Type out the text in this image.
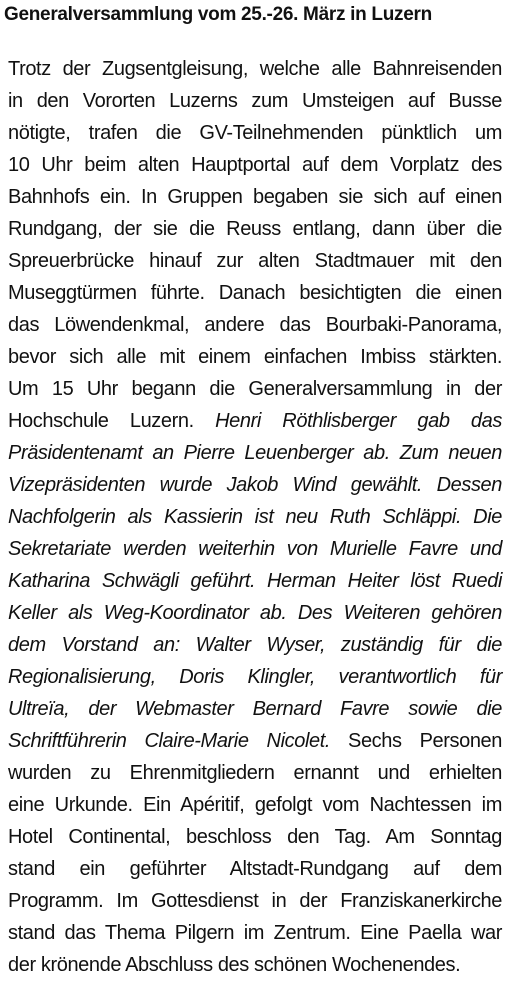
Generalversammlung vom 25.-26. März in Luzern
Trotz der Zugsentgleisung, welche alle Bahnreisenden
in den Vororten Luzerns zum Umsteigen auf Busse
nötigte, trafen die GV-Teilnehmenden pünktlich um
10 Uhr beim alten Hauptportal auf dem Vorplatz des
Bahnhofs ein. In Gruppen begaben sie sich auf einen
Rundgang, der sie die Reuss entlang, dann über die
Spreuerbrücke hinauf zur alten Stadtmauer mit den
Museggtürmen führte. Danach besichtigten die einen
das Löwendenkmal, andere das Bourbaki-Panorama,
bevor sich alle mit einem einfachen Imbiss stärkten.
Um 15 Uhr begann die Generalversammlung in der
Hochschule Luzern. Henri Röthlisberger gab das
Präsidentenamt an Pierre Leuenberger ab. Zum neuen
Vizepräsidenten wurde Jakob Wind gewählt. Dessen
Nachfolgerin als Kassierin ist neu Ruth Schläppi. Die
Sekretariate werden weiterhin von Murielle Favre und
Katharina Schwägli geführt. Herman Heiter löst Ruedi
Keller als Weg-Koordinator ab. Des Weiteren gehören
dem Vorstand an: Walter Wyser, zuständig für die
Regionalisierung, Doris Klingler, verantwortlich für
Ultreïa, der Webmaster Bernard Favre sowie die
Schriftführerin Claire-Marie Nicolet. Sechs Personen
wurden zu Ehrenmitgliedern ernannt und erhielten
eine Urkunde. Ein Apéritif, gefolgt vom Nachtessen im
Hotel Continental, beschloss den Tag. Am Sonntag
stand ein geführter Altstadt-Rundgang auf dem
Programm. Im Gottesdienst in der Franziskanerkirche
stand das Thema Pilgern im Zentrum. Eine Paella war
der krönende Abschluss des schönen Wochenendes.
